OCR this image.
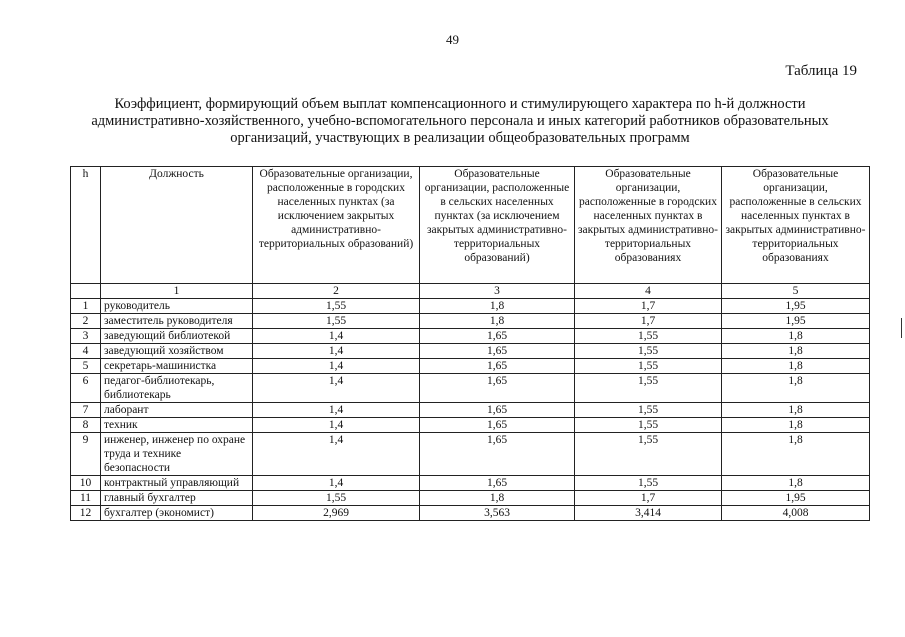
49
Таблица 19
Коэффициент, формирующий объем выплат компенсационного и стимулирующего характера по h-й должности
административно-хозяйственного, учебно-вспомогательного персонала и иных категорий работников образовательных
организаций, участвующих в реализации общеобразовательных программ
h	Должность	Образовательные организации, расположенные в городских населенных пунктах (за исключением закрытых административно-территориальных образований)	Образовательные организации, расположенные в сельских населенных пунктах (за исключением закрытых административно-территориальных образований)	Образовательные организации, расположенные в городских населенных пунктах в закрытых административно-территориальных образованиях	Образовательные организации, расположенные в сельских населенных пунктах в закрытых административно-территориальных образованиях
	1	2	3	4	5
1	руководитель	1,55	1,8	1,7	1,95
2	заместитель руководителя	1,55	1,8	1,7	1,95
3	заведующий библиотекой	1,4	1,65	1,55	1,8
4	заведующий хозяйством	1,4	1,65	1,55	1,8
5	секретарь-машинистка	1,4	1,65	1,55	1,8
6	педагог-библиотекарь, библиотекарь	1,4	1,65	1,55	1,8
7	лаборант	1,4	1,65	1,55	1,8
8	техник	1,4	1,65	1,55	1,8
9	инженер, инженер по охране труда и технике безопасности	1,4	1,65	1,55	1,8
10	контрактный управляющий	1,4	1,65	1,55	1,8
11	главный бухгалтер	1,55	1,8	1,7	1,95
12	бухгалтер (экономист)	2,969	3,563	3,414	4,008
